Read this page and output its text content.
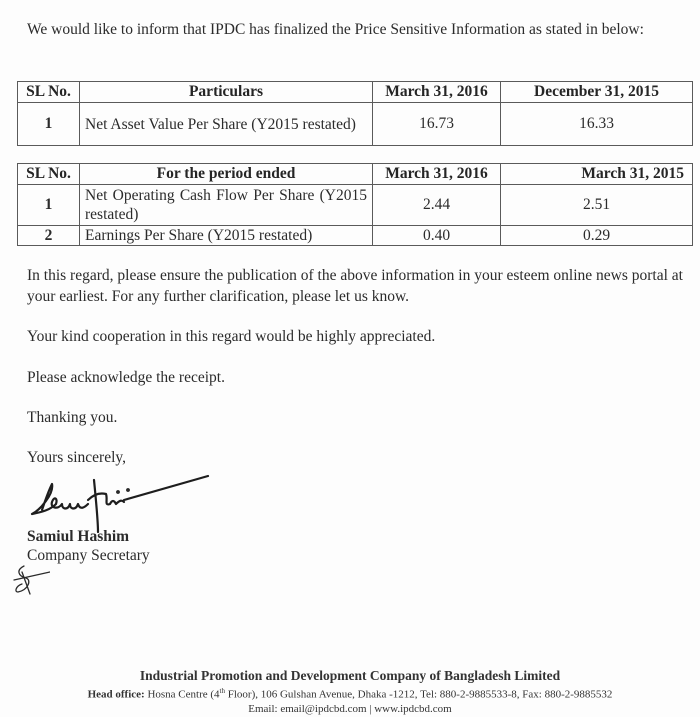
We would like to inform that IPDC has finalized the Price Sensitive Information as stated in below:

SL No.	Particulars	March 31, 2016	December 31, 2015
1	Net Asset Value Per Share (Y2015 restated)	16.73	16.33
SL No.	For the period ended	March 31, 2016	March 31, 2015
1	Net Operating Cash Flow Per Share (Y2015 restated)	2.44	2.51
2	Earnings Per Share (Y2015 restated)	0.40	0.29

In this regard, please ensure the publication of the above information in your esteem online news portal at your earliest. For any further clarification, please let us know.

Your kind cooperation in this regard would be highly appreciated.

Please acknowledge the receipt.

Thanking you.

Yours sincerely,

Samiul Hashim
Company Secretary
Industrial Promotion and Development Company of Bangladesh Limited
Head office: Hosna Centre (4th Floor), 106 Gulshan Avenue, Dhaka -1212, Tel: 880-2-9885533-8, Fax: 880-2-9885532
Email: email@ipdcbd.com | www.ipdcbd.com
